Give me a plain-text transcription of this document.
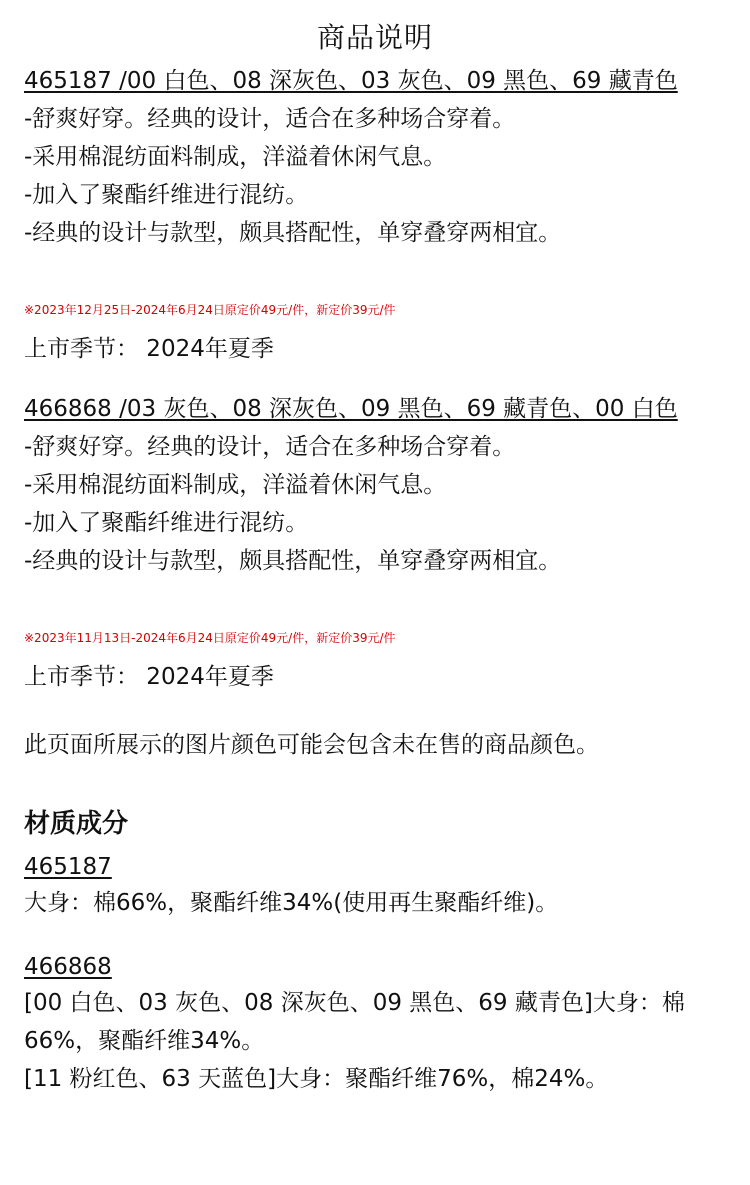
商品说明
465187 /00 白色、08 深灰色、03 灰色、09 黑色、69 藏青色
-舒爽好穿。经典的设计，适合在多种场合穿着。
-采用棉混纺面料制成，洋溢着休闲气息。
-加入了聚酯纤维进行混纺。
-经典的设计与款型，颇具搭配性，单穿叠穿两相宜。
※2023年12月25日-2024年6月24日原定价49元/件，新定价39元/件
上市季节： 2024年夏季
466868 /03 灰色、08 深灰色、09 黑色、69 藏青色、00 白色
-舒爽好穿。经典的设计，适合在多种场合穿着。
-采用棉混纺面料制成，洋溢着休闲气息。
-加入了聚酯纤维进行混纺。
-经典的设计与款型，颇具搭配性，单穿叠穿两相宜。
※2023年11月13日-2024年6月24日原定价49元/件，新定价39元/件
上市季节： 2024年夏季
此页面所展示的图片颜色可能会包含未在售的商品颜色。
材质成分
465187
大身：棉66%，聚酯纤维34%(使用再生聚酯纤维)。
466868
[00 白色、03 灰色、08 深灰色、09 黑色、69 藏青色]大身：棉
66%，聚酯纤维34%。
[11 粉红色、63 天蓝色]大身：聚酯纤维76%，棉24%。
